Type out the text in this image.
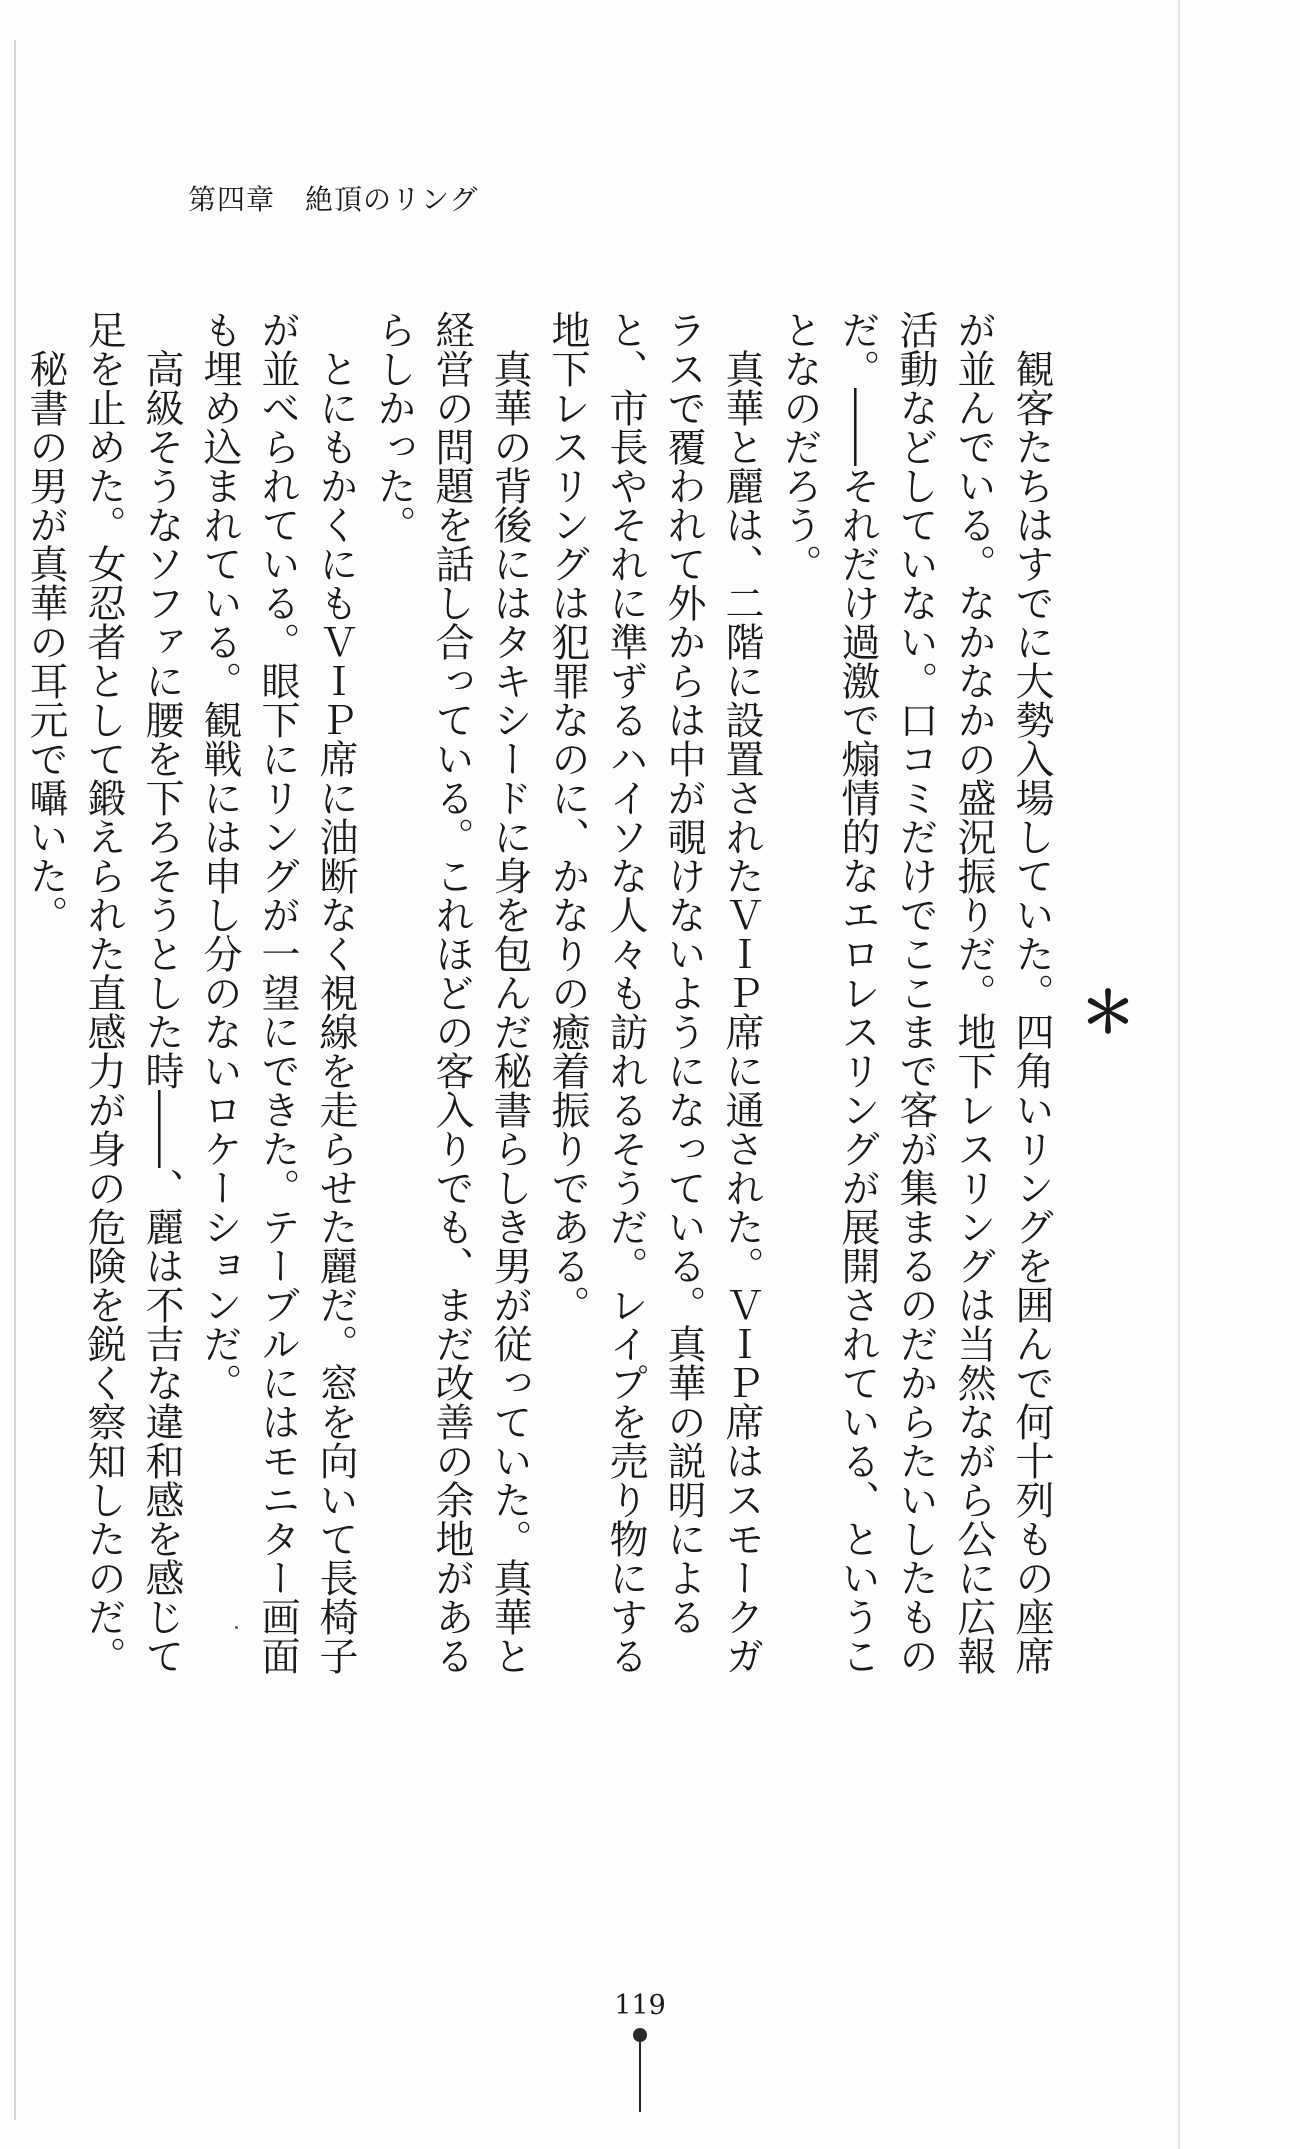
第四章 絶頂のリング
＊

観客たちはすでに大勢入場していた。四角いリングを囲んで何十列もの座席が並んでいる。なかなかの盛況振りだ。地下レスリングは当然ながら公に広報活動などしていない。口コミだけでここまで客が集まるのだからたいしたものだ。――それだけ過激で煽情的なエロレスリングが展開されている、ということなのだろう。

真華と麗は、二階に設置されたＶＩＰ席に通された。ＶＩＰ席はスモークガラスで覆われて外からは中が覗けないようになっている。真華の説明によると、市長やそれに準ずるハイソな人々も訪れるそうだ。レイプを売り物にする地下レスリングは犯罪なのに、かなりの癒着振りである。

真華の背後にはタキシードに身を包んだ秘書らしき男が従っていた。真華と経営の問題を話し合っている。これほどの客入りでも、まだ改善の余地があるらしかった。

とにもかくにもＶＩＰ席に油断なく視線を走らせた麗だ。窓を向いて長椅子が並べられている。眼下にリングが一望にできた。テーブルにはモニター画面も埋め込まれている。観戦には申し分のないロケーションだ。

高級そうなソファに腰を下ろそうとした時――、麗は不吉な違和感を感じて足を止めた。女忍者として鍛えられた直感力が身の危険を鋭く察知したのだ。

秘書の男が真華の耳元で囁いた。

119
